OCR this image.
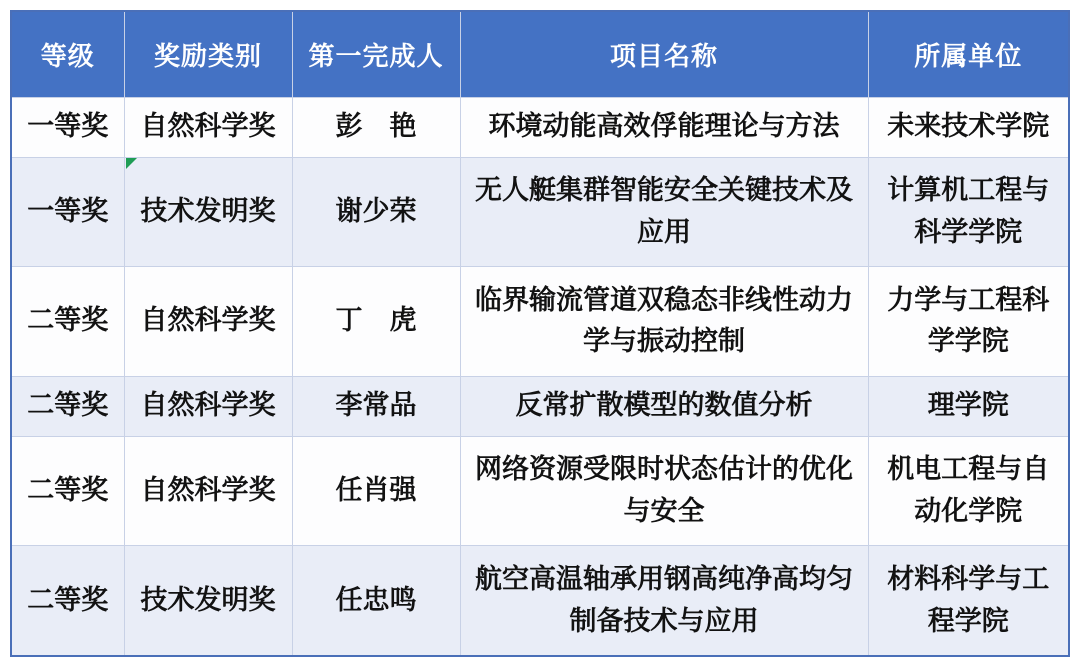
等级	奖励类别	第一完成人	项目名称	所属单位
一等奖	自然科学奖	彭　艳	环境动能高效俘能理论与方法	未来技术学院
一等奖	技术发明奖	谢少荣	无人艇集群智能安全关键技术及应用	计算机工程与科学学院
二等奖	自然科学奖	丁　虎	临界输流管道双稳态非线性动力学与振动控制	力学与工程科学学院
二等奖	自然科学奖	李常品	反常扩散模型的数值分析	理学院
二等奖	自然科学奖	任肖强	网络资源受限时状态估计的优化与安全	机电工程与自动化学院
二等奖	技术发明奖	任忠鸣	航空高温轴承用钢高纯净高均匀制备技术与应用	材料科学与工程学院
